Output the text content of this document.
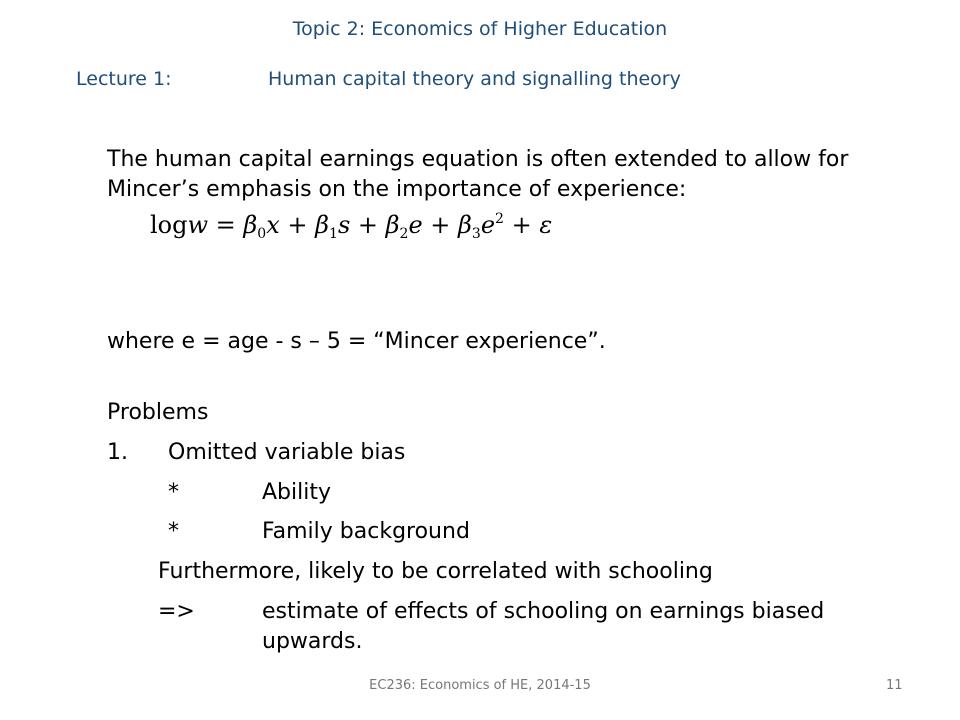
Topic 2: Economics of Higher Education
Lecture 1:	Human capital theory and signalling theory
The human capital earnings equation is often extended to allow for
Mincer’s emphasis on the importance of experience:
$\log w = \beta_0x + \beta_1s + \beta_2e + \beta_3e^2 + \varepsilon$
where e = age - s – 5 = “Mincer experience”.
Problems
1. Omitted variable bias
*	Ability
*	Family background
Furthermore, likely to be correlated with schooling
=>	estimate of effects of schooling on earnings biased
upwards.
EC236: Economics of HE, 2014-15	11
